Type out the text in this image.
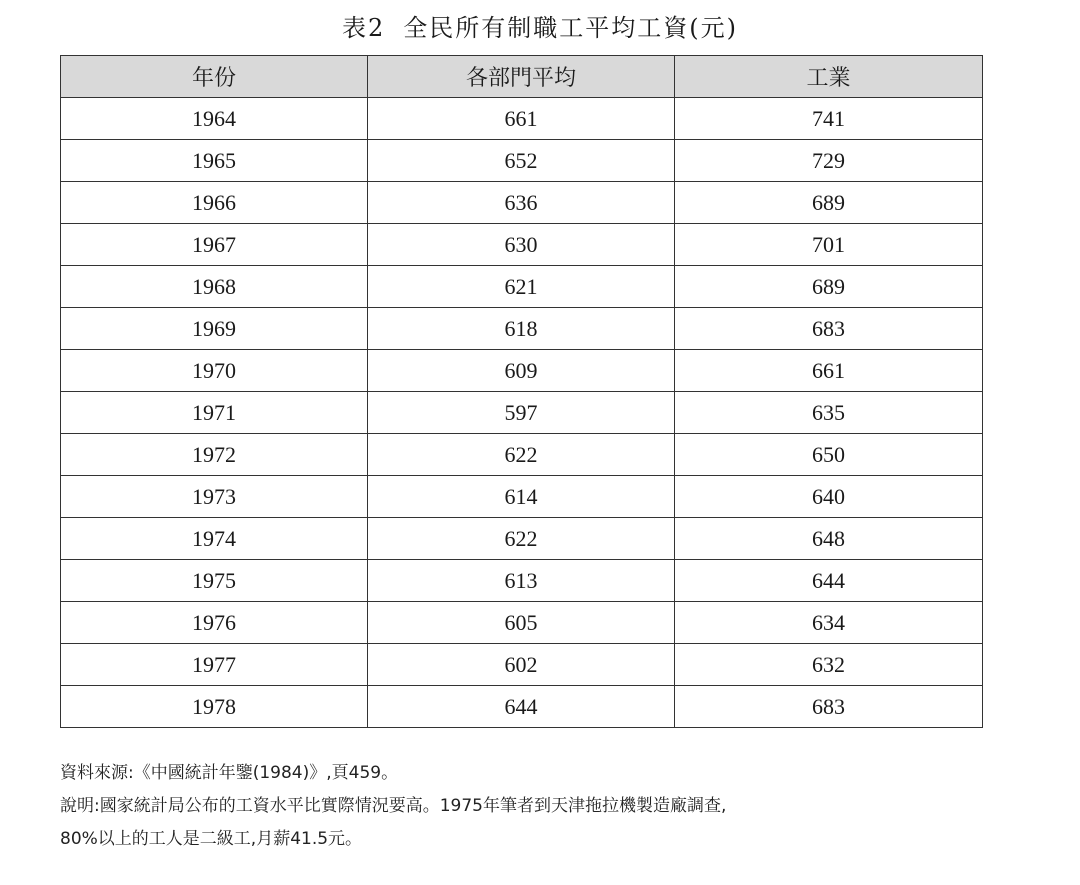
表2 全民所有制職工平均工資(元)
年份	各部門平均	工業
1964	661	741
1965	652	729
1966	636	689
1967	630	701
1968	621	689
1969	618	683
1970	609	661
1971	597	635
1972	622	650
1973	614	640
1974	622	648
1975	613	644
1976	605	634
1977	602	632
1978	644	683

資料來源:《中國統計年鑒(1984)》,頁459。

說明:國家統計局公布的工資水平比實際情況要高。1975年筆者到天津拖拉機製造廠調查,

80%以上的工人是二級工,月薪41.5元。
